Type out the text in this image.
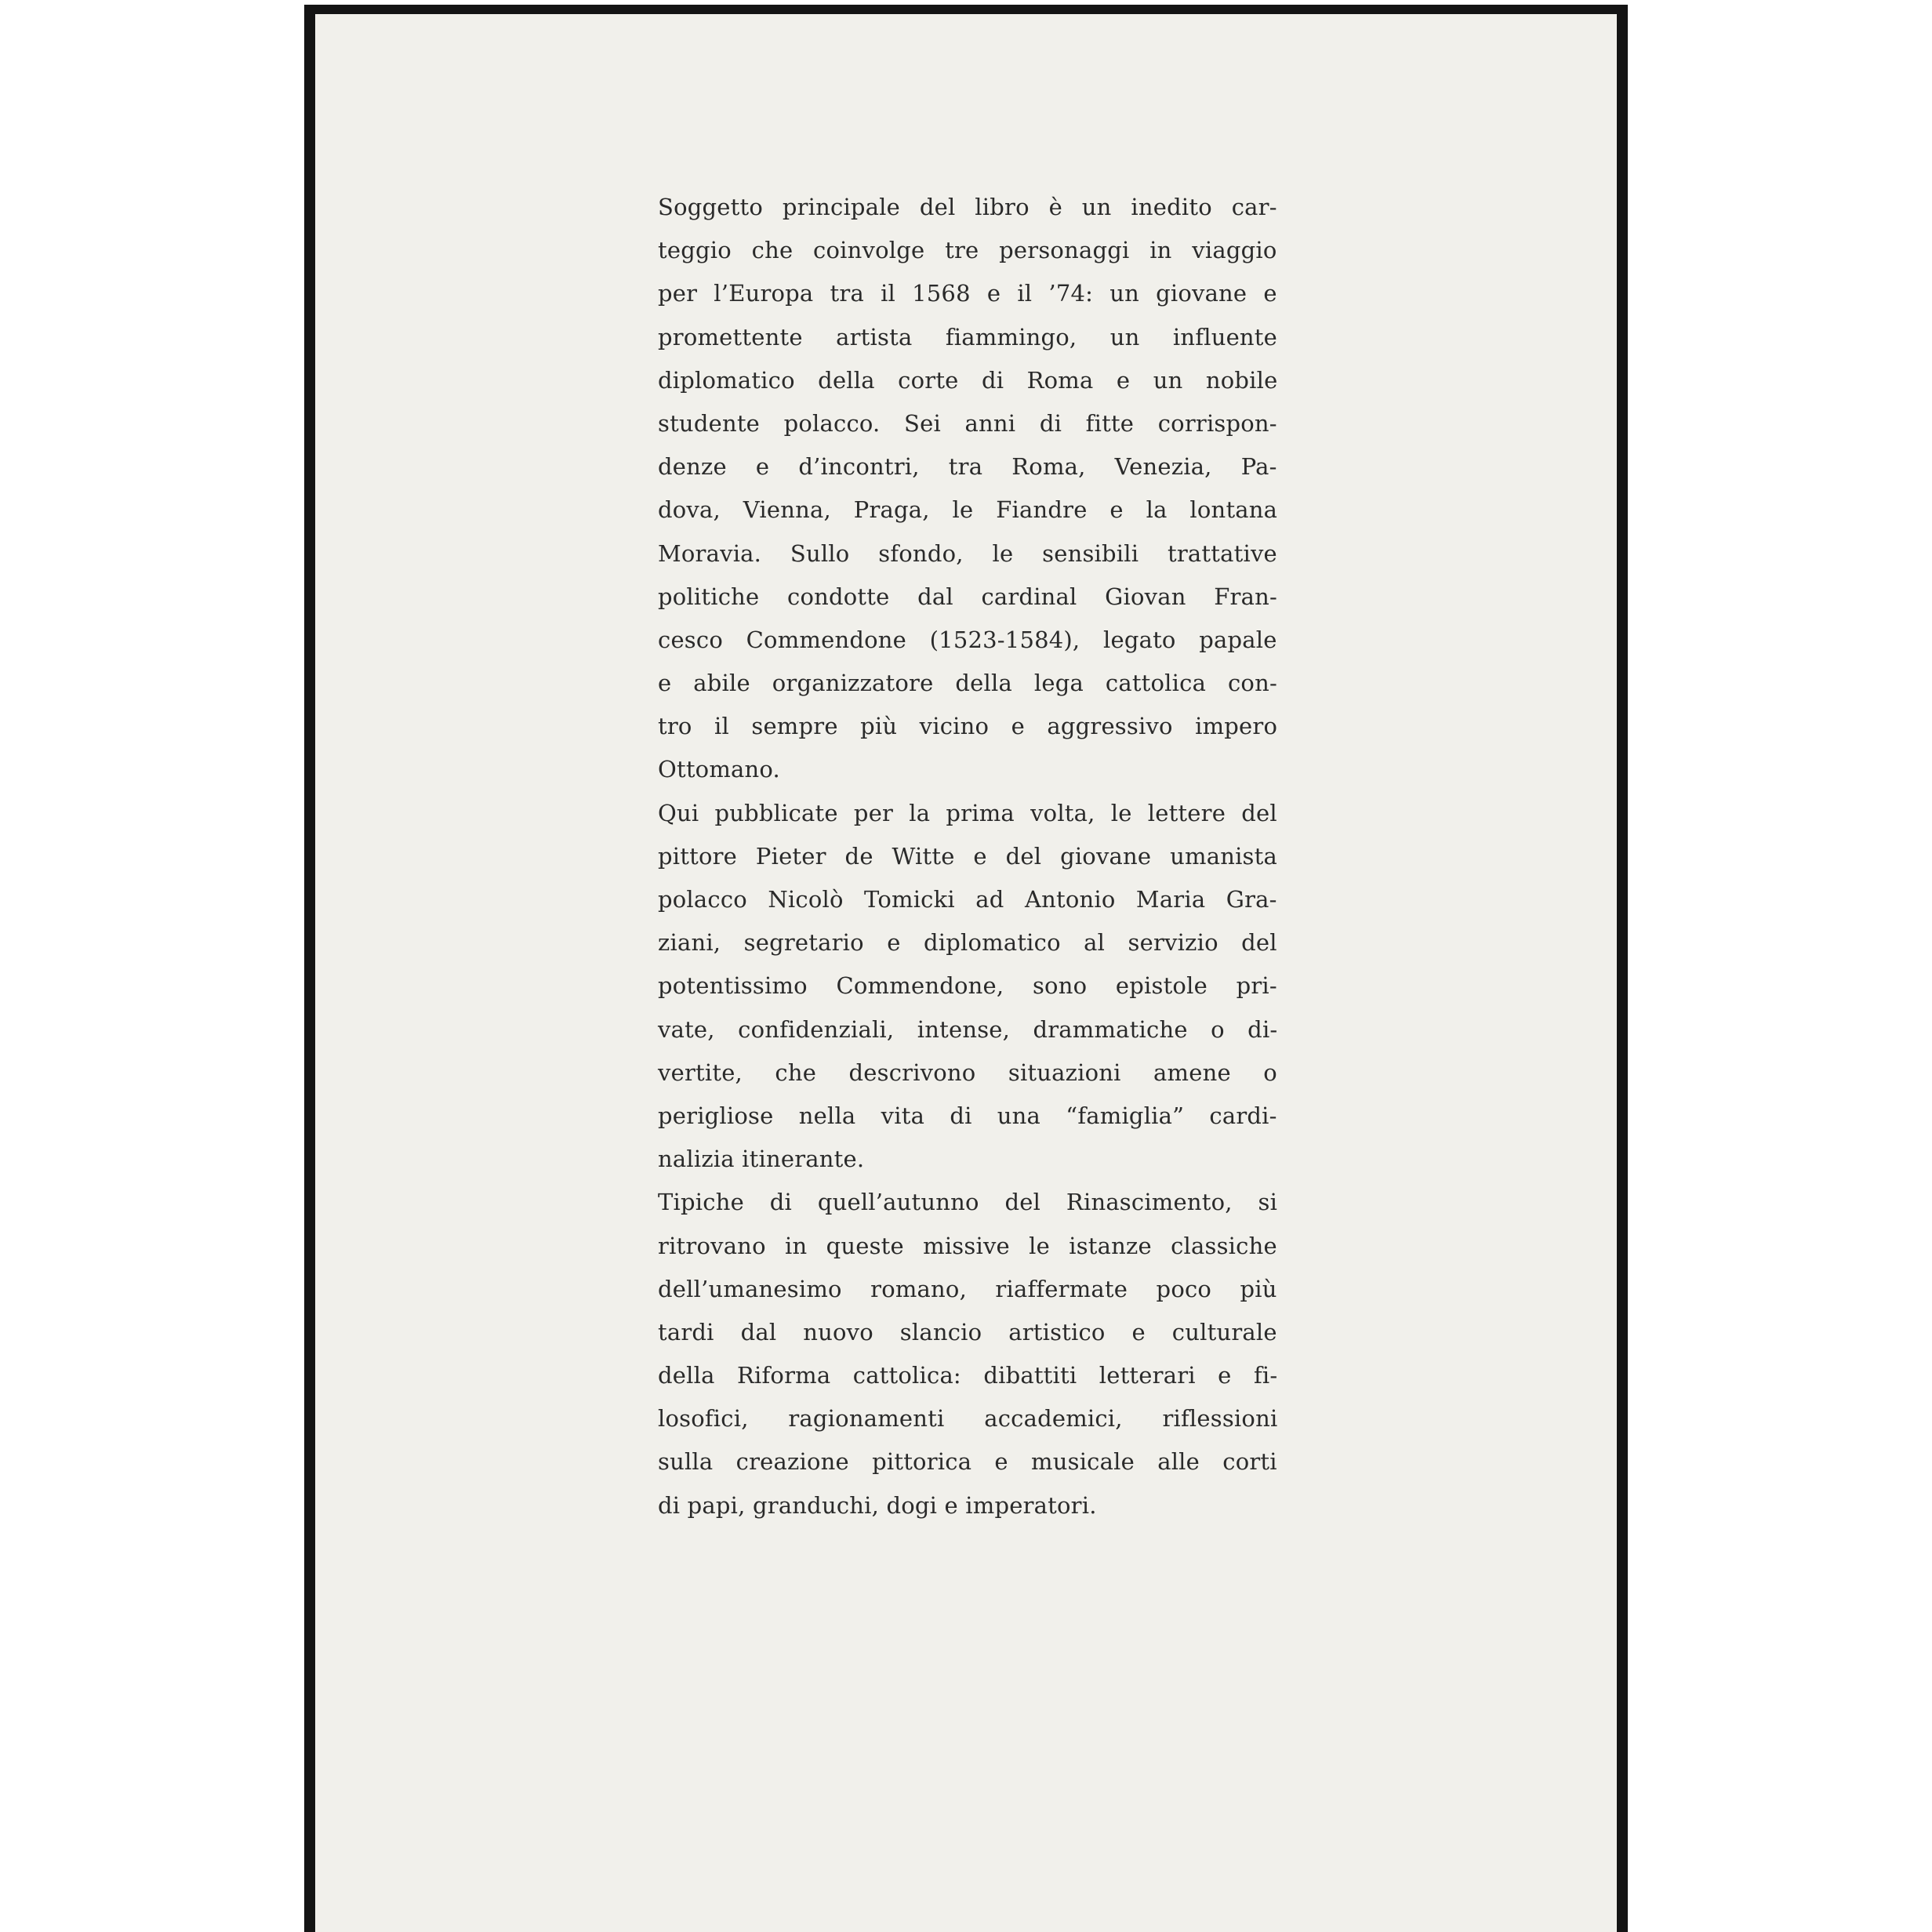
Soggetto principale del libro è un inedito car-
teggio che coinvolge tre personaggi in viaggio
per l’Europa tra il 1568 e il ’74: un giovane e
promettente artista fiammingo, un influente
diplomatico della corte di Roma e un nobile
studente polacco. Sei anni di fitte corrispon-
denze e d’incontri, tra Roma, Venezia, Pa-
dova, Vienna, Praga, le Fiandre e la lontana
Moravia. Sullo sfondo, le sensibili trattative
politiche condotte dal cardinal Giovan Fran-
cesco Commendone (1523-1584), legato papale
e abile organizzatore della lega cattolica con-
tro il sempre più vicino e aggressivo impero
Ottomano.
Qui pubblicate per la prima volta, le lettere del
pittore Pieter de Witte e del giovane umanista
polacco Nicolò Tomicki ad Antonio Maria Gra-
ziani, segretario e diplomatico al servizio del
potentissimo Commendone, sono epistole pri-
vate, confidenziali, intense, drammatiche o di-
vertite, che descrivono situazioni amene o
perigliose nella vita di una “famiglia” cardi-
nalizia itinerante.
Tipiche di quell’autunno del Rinascimento, si
ritrovano in queste missive le istanze classiche
dell’umanesimo romano, riaffermate poco più
tardi dal nuovo slancio artistico e culturale
della Riforma cattolica: dibattiti letterari e fi-
losofici, ragionamenti accademici, riflessioni
sulla creazione pittorica e musicale alle corti
di papi, granduchi, dogi e imperatori.
